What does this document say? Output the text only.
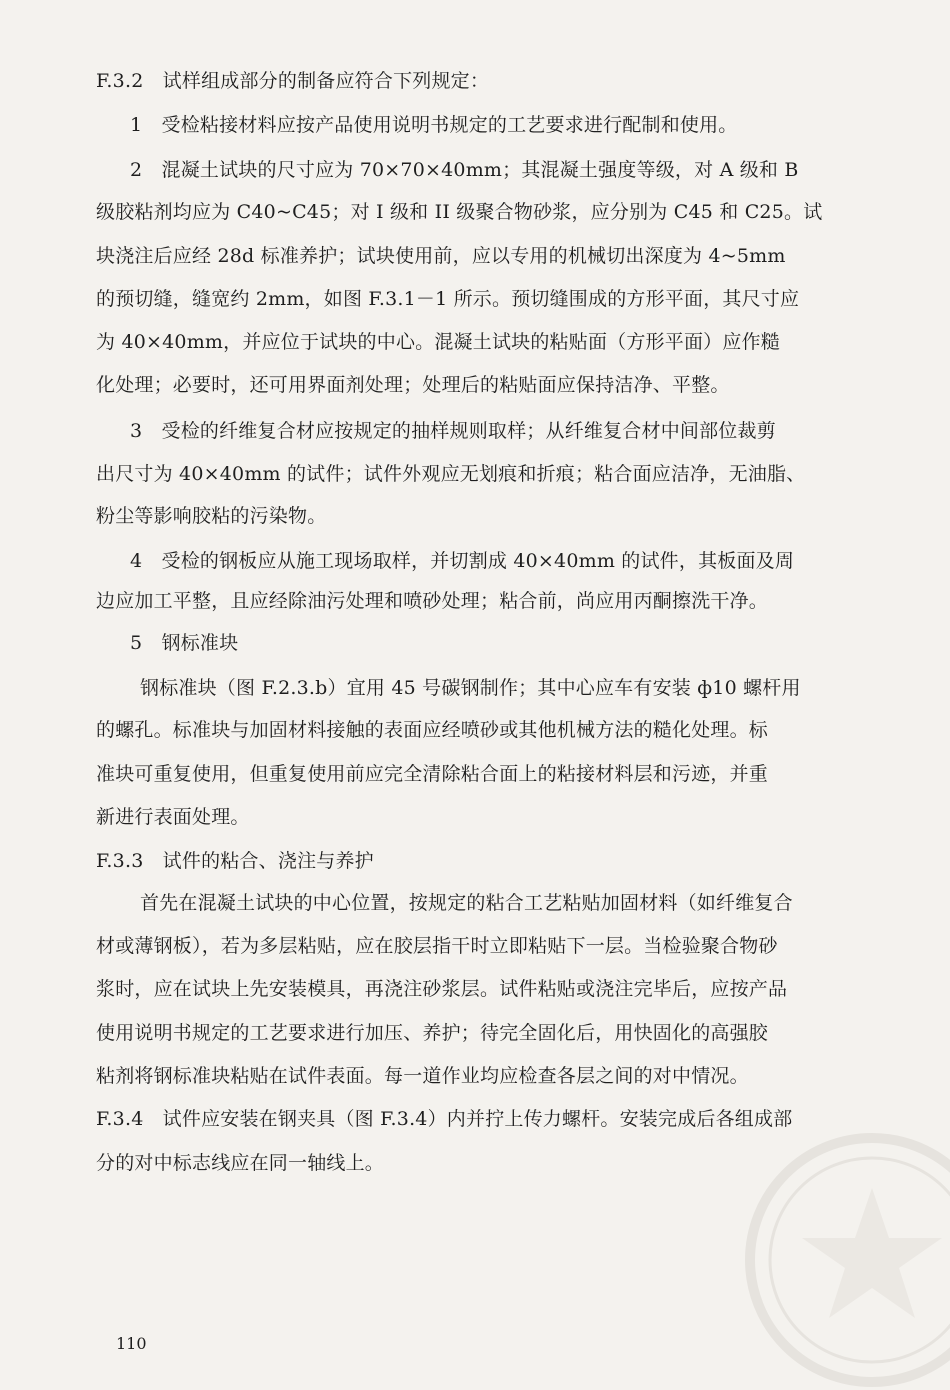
F.3.2　试样组成部分的制备应符合下列规定：
1　受检粘接材料应按产品使用说明书规定的工艺要求进行配制和使用。
2　混凝土试块的尺寸应为 70×70×40mm；其混凝土强度等级，对 A 级和 B
级胶粘剂均应为 C40~C45；对 I 级和 II 级聚合物砂浆，应分别为 C45 和 C25。试
块浇注后应经 28d 标准养护；试块使用前，应以专用的机械切出深度为 4~5mm
的预切缝，缝宽约 2mm，如图 F.3.1－1 所示。预切缝围成的方形平面，其尺寸应
为 40×40mm，并应位于试块的中心。混凝土试块的粘贴面（方形平面）应作糙
化处理；必要时，还可用界面剂处理；处理后的粘贴面应保持洁净、平整。
3　受检的纤维复合材应按规定的抽样规则取样；从纤维复合材中间部位裁剪
出尺寸为 40×40mm 的试件；试件外观应无划痕和折痕；粘合面应洁净，无油脂、
粉尘等影响胶粘的污染物。
4　受检的钢板应从施工现场取样，并切割成 40×40mm 的试件，其板面及周
边应加工平整，且应经除油污处理和喷砂处理；粘合前，尚应用丙酮擦洗干净。
5　钢标准块
钢标准块（图 F.2.3.b）宜用 45 号碳钢制作；其中心应车有安装 ф10 螺杆用
的螺孔。标准块与加固材料接触的表面应经喷砂或其他机械方法的糙化处理。标
准块可重复使用，但重复使用前应完全清除粘合面上的粘接材料层和污迹，并重
新进行表面处理。
F.3.3　试件的粘合、浇注与养护
首先在混凝土试块的中心位置，按规定的粘合工艺粘贴加固材料（如纤维复合
材或薄钢板），若为多层粘贴，应在胶层指干时立即粘贴下一层。当检验聚合物砂
浆时，应在试块上先安装模具，再浇注砂浆层。试件粘贴或浇注完毕后，应按产品
使用说明书规定的工艺要求进行加压、养护；待完全固化后，用快固化的高强胶
粘剂将钢标准块粘贴在试件表面。每一道作业均应检查各层之间的对中情况。
F.3.4　试件应安装在钢夹具（图 F.3.4）内并拧上传力螺杆。安装完成后各组成部
分的对中标志线应在同一轴线上。
110
